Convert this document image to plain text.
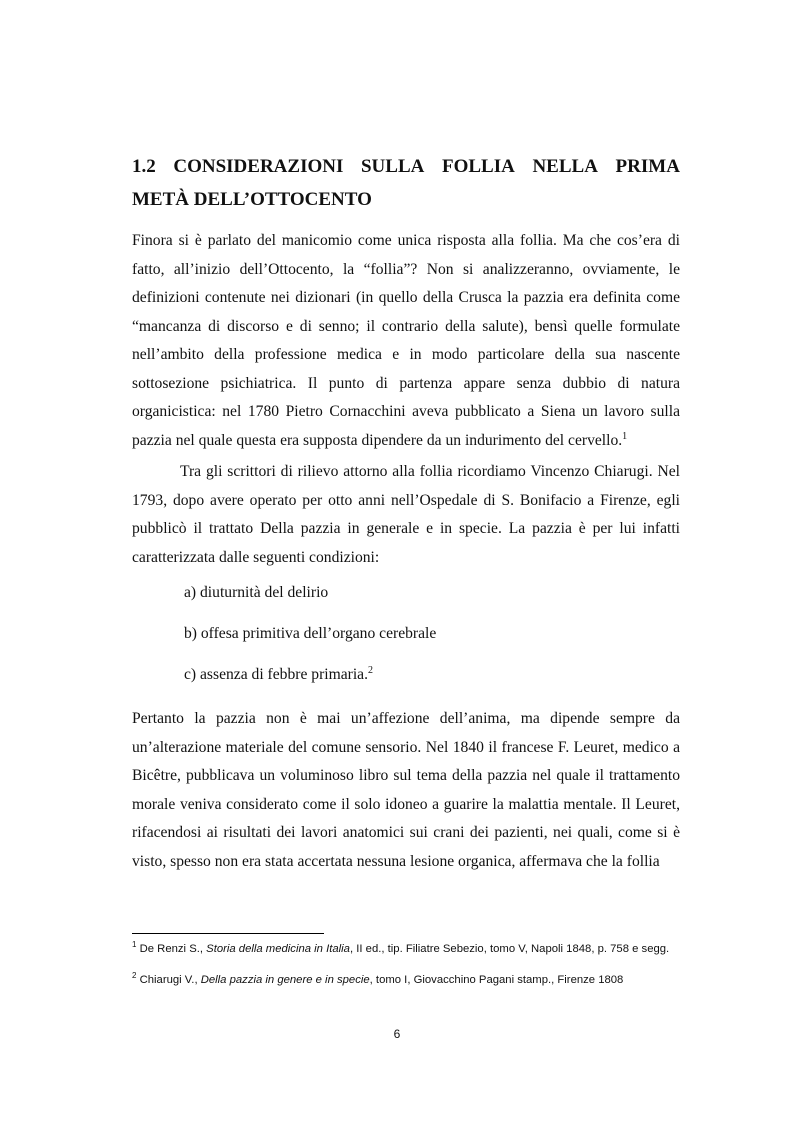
1.2 CONSIDERAZIONI SULLA FOLLIA NELLA PRIMA
METÀ DELL’OTTOCENTO

Finora si è parlato del manicomio come unica risposta alla follia. Ma che cos’era di fatto, all’inizio dell’Ottocento, la “follia”? Non si analizzeranno, ovviamente, le definizioni contenute nei dizionari (in quello della Crusca la pazzia era definita come “mancanza di discorso e di senno; il contrario della salute), bensì quelle formulate nell’ambito della professione medica e in modo particolare della sua nascente sottosezione psichiatrica. Il punto di partenza appare senza dubbio di natura organicistica: nel 1780 Pietro Cornacchini aveva pubblicato a Siena un lavoro sulla pazzia nel quale questa era supposta dipendere da un indurimento del cervello.$^1$

Tra gli scrittori di rilievo attorno alla follia ricordiamo Vincenzo Chiarugi. Nel 1793, dopo avere operato per otto anni nell’Ospedale di S. Bonifacio a Firenze, egli pubblicò il trattato Della pazzia in generale e in specie. La pazzia è per lui infatti caratterizzata dalle seguenti condizioni:

a) diuturnità del delirio

b) offesa primitiva dell’organo cerebrale

c) assenza di febbre primaria.$^2$

Pertanto la pazzia non è mai un’affezione dell’anima, ma dipende sempre da un’alterazione materiale del comune sensorio. Nel 1840 il francese F. Leuret, medico a Bicêtre, pubblicava un voluminoso libro sul tema della pazzia nel quale il trattamento morale veniva considerato come il solo idoneo a guarire la malattia mentale. Il Leuret, rifacendosi ai risultati dei lavori anatomici sui crani dei pazienti, nei quali, come si è visto, spesso non era stata accertata nessuna lesione organica, affermava che la follia

$^1$ De Renzi S., Storia della medicina in Italia, II ed., tip. Filiatre Sebezio, tomo V, Napoli 1848, p. 758 e segg.

$^2$ Chiarugi V., Della pazzia in genere e in specie, tomo I, Giovacchino Pagani stamp., Firenze 1808

6
